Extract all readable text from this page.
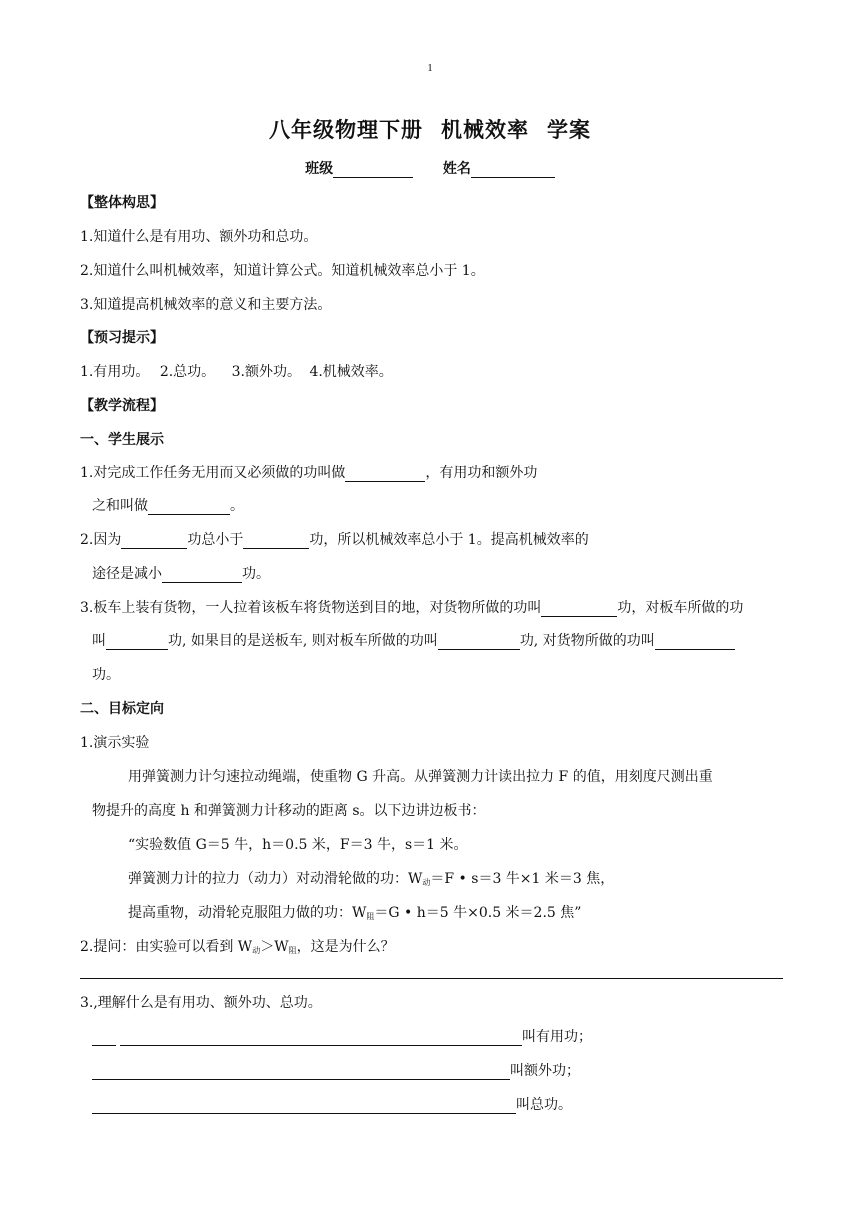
1
八年级物理下册 机械效率 学案
班级	姓名
【整体构思】
1.知道什么是有用功、额外功和总功。
2.知道什么叫机械效率，知道计算公式。知道机械效率总小于 1。
3.知道提高机械效率的意义和主要方法。
【预习提示】
1.有用功。 2.总功。 3.额外功。 4.机械效率。
【教学流程】
一、学生展示
1.对完成工作任务无用而又必须做的功叫做	，有用功和额外功
之和叫做	。
2.因为	功总小于	功，所以机械效率总小于 1。提高机械效率的
途径是减小	功。
3.板车上装有货物，一人拉着该板车将货物送到目的地，对货物所做的功叫	功，对板车所做的功
叫	功, 如果目的是送板车, 则对板车所做的功叫	功, 对货物所做的功叫
功。
二、目标定向
1.演示实验
用弹簧测力计匀速拉动绳端，使重物 G 升高。从弹簧测力计读出拉力 F 的值，用刻度尺测出重
物提升的高度 h 和弹簧测力计移动的距离 s。以下边讲边板书：
“实验数值 G＝5 牛，h＝0.5 米，F＝3 牛，s＝1 米。
弹簧测力计的拉力（动力）对动滑轮做的功：$W_动=F$ • s＝3 牛×1 米＝3 焦，
提高重物，动滑轮克服阻力做的功：$W_阻=G$ • h＝5 牛×0.5 米＝2.5 焦”
2.提问：由实验可以看到 $W_动>W_阻$，这是为什么？
3.,理解什么是有用功、额外功、总功。
叫有用功；
叫额外功；
叫总功。
